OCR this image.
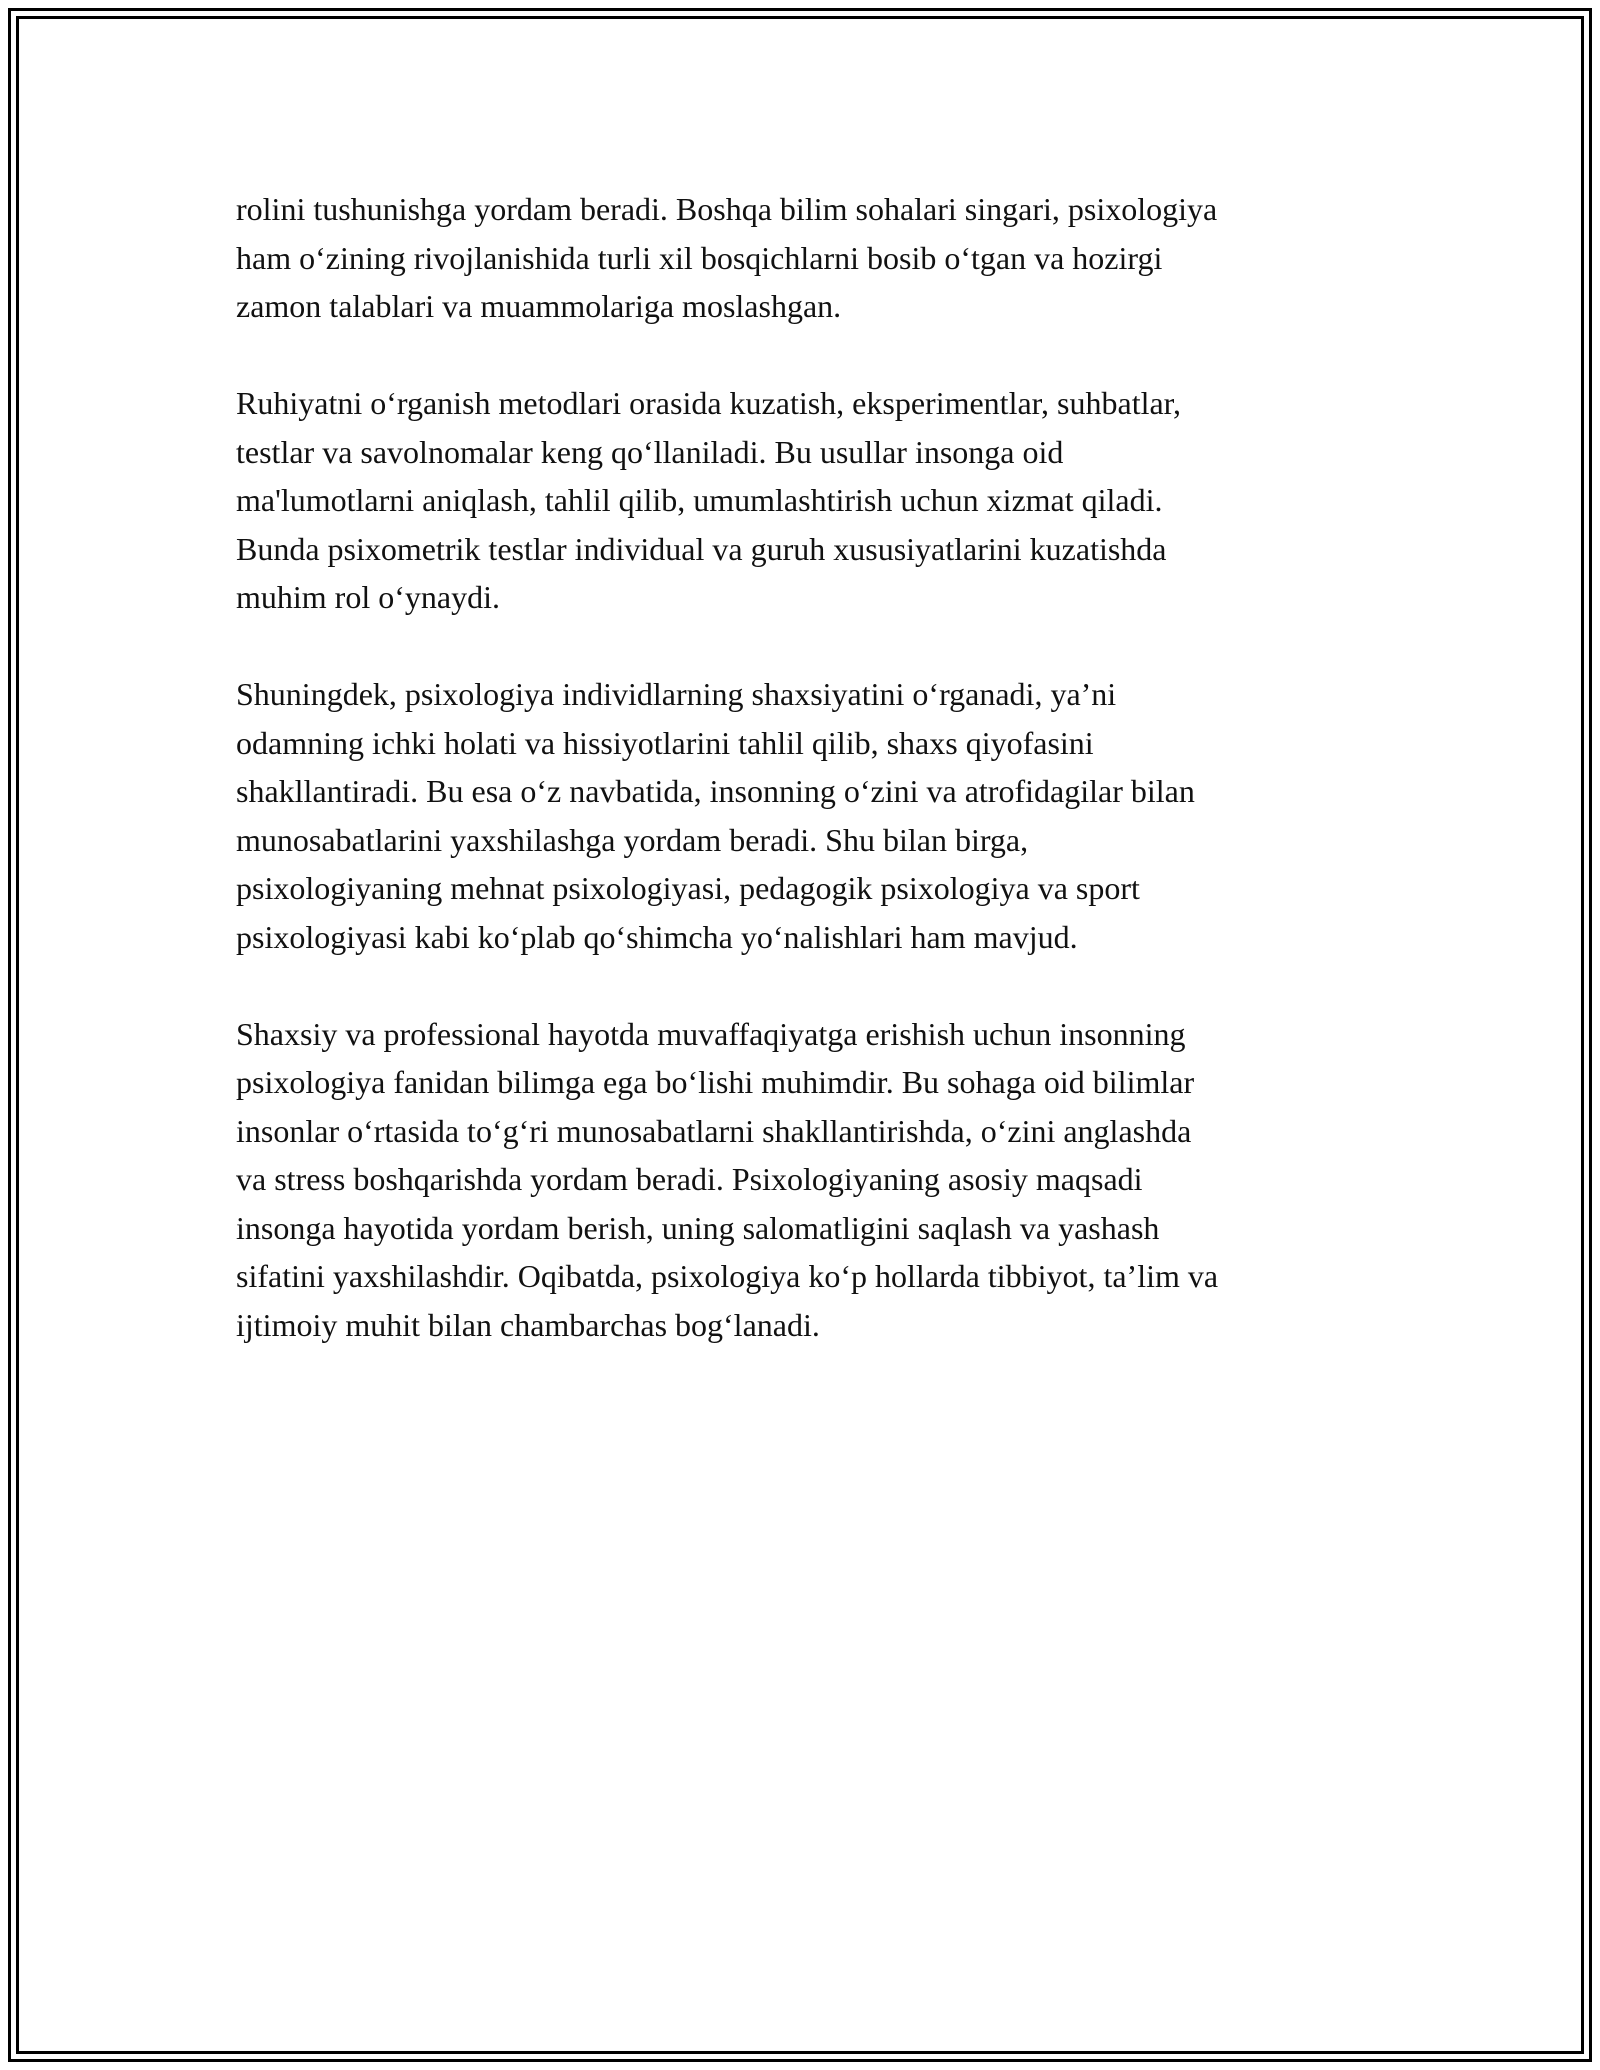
rolini tushunishga yordam beradi. Boshqa bilim sohalari singari, psixologiya
ham o‘zining rivojlanishida turli xil bosqichlarni bosib o‘tgan va hozirgi
zamon talablari va muammolariga moslashgan.

Ruhiyatni o‘rganish metodlari orasida kuzatish, eksperimentlar, suhbatlar,
testlar va savolnomalar keng qo‘llaniladi. Bu usullar insonga oid
ma'lumotlarni aniqlash, tahlil qilib, umumlashtirish uchun xizmat qiladi.
Bunda psixometrik testlar individual va guruh xususiyatlarini kuzatishda
muhim rol o‘ynaydi.

Shuningdek, psixologiya individlarning shaxsiyatini o‘rganadi, ya’ni
odamning ichki holati va hissiyotlarini tahlil qilib, shaxs qiyofasini
shakllantiradi. Bu esa o‘z navbatida, insonning o‘zini va atrofidagilar bilan
munosabatlarini yaxshilashga yordam beradi. Shu bilan birga,
psixologiyaning mehnat psixologiyasi, pedagogik psixologiya va sport
psixologiyasi kabi ko‘plab qo‘shimcha yo‘nalishlari ham mavjud.

Shaxsiy va professional hayotda muvaffaqiyatga erishish uchun insonning
psixologiya fanidan bilimga ega bo‘lishi muhimdir. Bu sohaga oid bilimlar
insonlar o‘rtasida to‘g‘ri munosabatlarni shakllantirishda, o‘zini anglashda
va stress boshqarishda yordam beradi. Psixologiyaning asosiy maqsadi
insonga hayotida yordam berish, uning salomatligini saqlash va yashash
sifatini yaxshilashdir. Oqibatda, psixologiya ko‘p hollarda tibbiyot, ta’lim va
ijtimoiy muhit bilan chambarchas bog‘lanadi.
